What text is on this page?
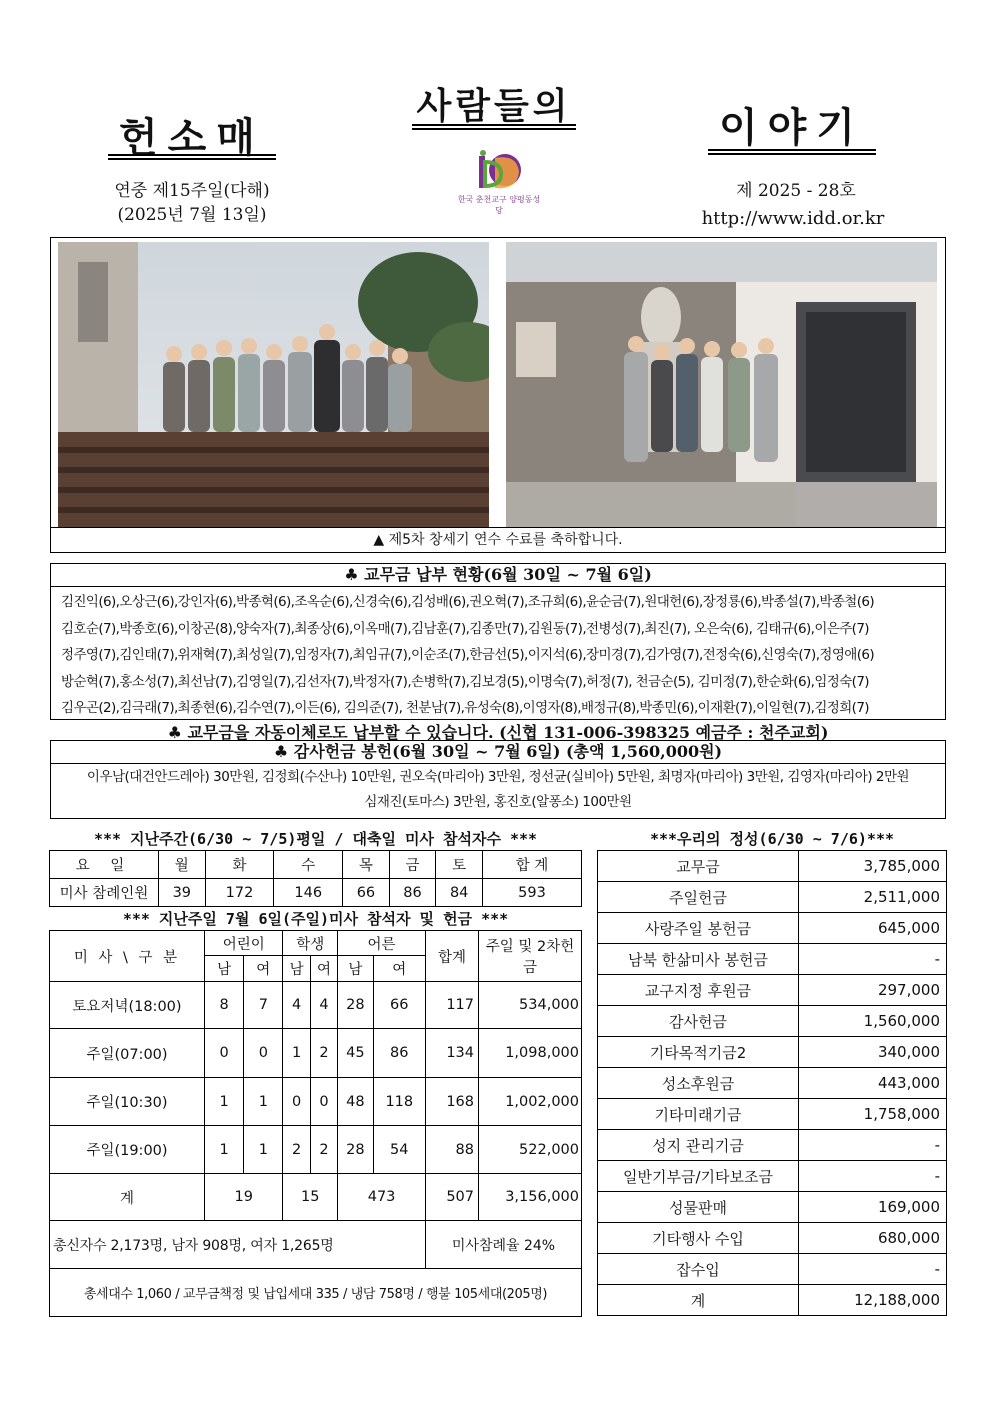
헌소매
사람들의	이야기
연중 제15주일(다해)
(2025년 7월 13일)
제 2025 - 28호
http://www.idd.or.kr
한국 춘천교구 양평동성당
▲ 제5차 창세기 연수 수료를 축하합니다.
♣ 교무금 납부 현황(6월 30일 ~ 7월 6일)
김진익(6),오상근(6),강인자(6),박종혁(6),조옥순(6),신경숙(6),김성배(6),권오혁(7),조규희(6),윤순금(7),원대헌(6),장정룡(6),박종설(7),박종철(6)
김호순(7),박종호(6),이창곤(8),양숙자(7),최종상(6),이옥매(7),김남훈(7),김종만(7),김원동(7),전병성(7),최진(7), 오은숙(6), 김태규(6),이은주(7)
정주영(7),김인태(7),위재혁(7),최성일(7),임정자(7),최임규(7),이순조(7),한금선(5),이지석(6),장미경(7),김가영(7),전정숙(6),신영숙(7),정영애(6)
방순혁(7),홍소성(7),최선남(7),김영일(7),김선자(7),박정자(7),손병학(7),김보경(5),이명숙(7),허정(7), 천금순(5), 김미정(7),한순화(6),임정숙(7)
김우곤(2),김극래(7),최종현(6),김수연(7),이든(6), 김의준(7), 천분남(7),유성숙(8),이영자(8),배정규(8),박종민(6),이재환(7),이일현(7),김정희(7)
♣ 교무금을 자동이체로도 납부할 수 있습니다. (신협 131-006-398325 예금주 : 천주교회)
♣ 감사헌금 봉헌(6월 30일 ~ 7월 6일) (총액 1,560,000원)
이우남(대건안드레아) 30만원, 김정희(수산나) 10만원, 권오숙(마리아) 3만원, 정선균(실비아) 5만원, 최명자(마리아) 3만원, 김영자(마리아) 2만원
심재진(토마스) 3만원, 홍진호(알퐁소) 100만원
*** 지난주간(6/30 ~ 7/5)평일 / 대축일 미사 참석자수 ***
요 일	월	화	수	목	금	토	합 계
미사 참례인원	39	172	146	66	86	84	593
*** 지난주일 7월 6일(주일)미사 참석자 및 헌금 ***
미 사 \ 구 분	어린이		학생		어른		합계	주일 및 2차헌금
	남	여	남	여	남	여		
토요저녁(18:00)	8	7	4	4	28	66	117	534,000
주일(07:00)	0	0	1	2	45	86	134	1,098,000
주일(10:30)	1	1	0	0	48	118	168	1,002,000
주일(19:00)	1	1	2	2	28	54	88	522,000
계	19		15		473		507	3,156,000
총신자수 2,173명, 남자 908명, 여자 1,265명							미사참례율 24%	
총세대수 1,060 / 교무금책정 및 납입세대 335 / 냉담 758명 / 행불 105세대(205명)								
***우리의 정성(6/30 ~ 7/6)***
교무금	3,785,000
주일헌금	2,511,000
사랑주일 봉헌금	645,000
남북 한삶미사 봉헌금	-
교구지정 후원금	297,000
감사헌금	1,560,000
기타목적기금2	340,000
성소후원금	443,000
기타미래기금	1,758,000
성지 관리기금	-
일반기부금/기타보조금	-
성물판매	169,000
기타행사 수입	680,000
잡수입	-
계	12,188,000
